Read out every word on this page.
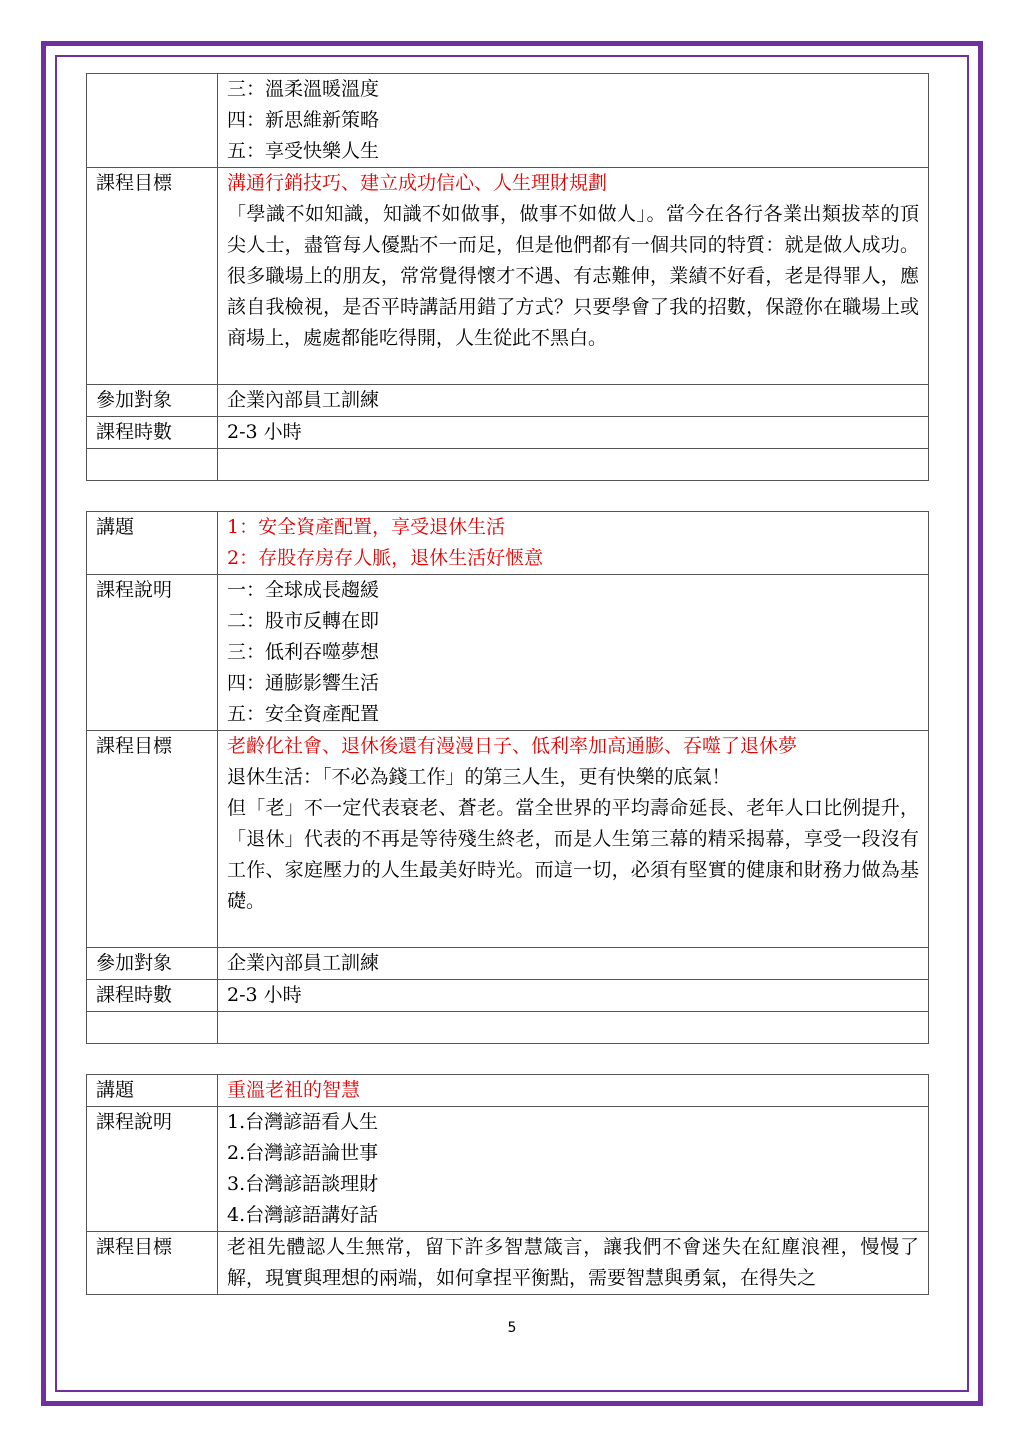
	三：溫柔溫暖溫度
四：新思維新策略
五：享受快樂人生

課程目標	溝通行銷技巧、建立成功信心、人生理財規劃
「學識不如知識，知識不如做事，做事不如做人」。當今在各行各業出類拔萃的頂尖人士，盡管每人優點不一而足，但是他們都有一個共同的特質：就是做人成功。很多職場上的朋友，常常覺得懷才不遇、有志難伸，業績不好看，老是得罪人，應該自我檢視，是否平時講話用錯了方式？只要學會了我的招數，保證你在職場上或商場上，處處都能吃得開，人生從此不黑白。

參加對象	企業內部員工訓練
課程時數	2-3 小時

講題	1：安全資產配置，享受退休生活
2：存股存房存人脈，退休生活好愜意

課程說明	一：全球成長趨緩
二：股市反轉在即
三：低利吞噬夢想
四：通膨影響生活
五：安全資產配置

課程目標	老齡化社會、退休後還有漫漫日子、低利率加高通膨、吞噬了退休夢
退休生活：「不必為錢工作」的第三人生，更有快樂的底氣！
但「老」不一定代表衰老、蒼老。當全世界的平均壽命延長、老年人口比例提升，「退休」代表的不再是等待殘生終老，而是人生第三幕的精采揭幕，享受一段沒有工作、家庭壓力的人生最美好時光。而這一切，必須有堅實的健康和財務力做為基礎。

參加對象	企業內部員工訓練
課程時數	2-3 小時

講題	重溫老祖的智慧
課程說明	1.台灣諺語看人生
2.台灣諺語論世事
3.台灣諺語談理財
4.台灣諺語講好話

課程目標	老祖先體認人生無常，留下許多智慧箴言，讓我們不會迷失在紅塵浪裡，慢慢了解，現實與理想的兩端，如何拿捏平衡點，需要智慧與勇氣，在得失之
5
